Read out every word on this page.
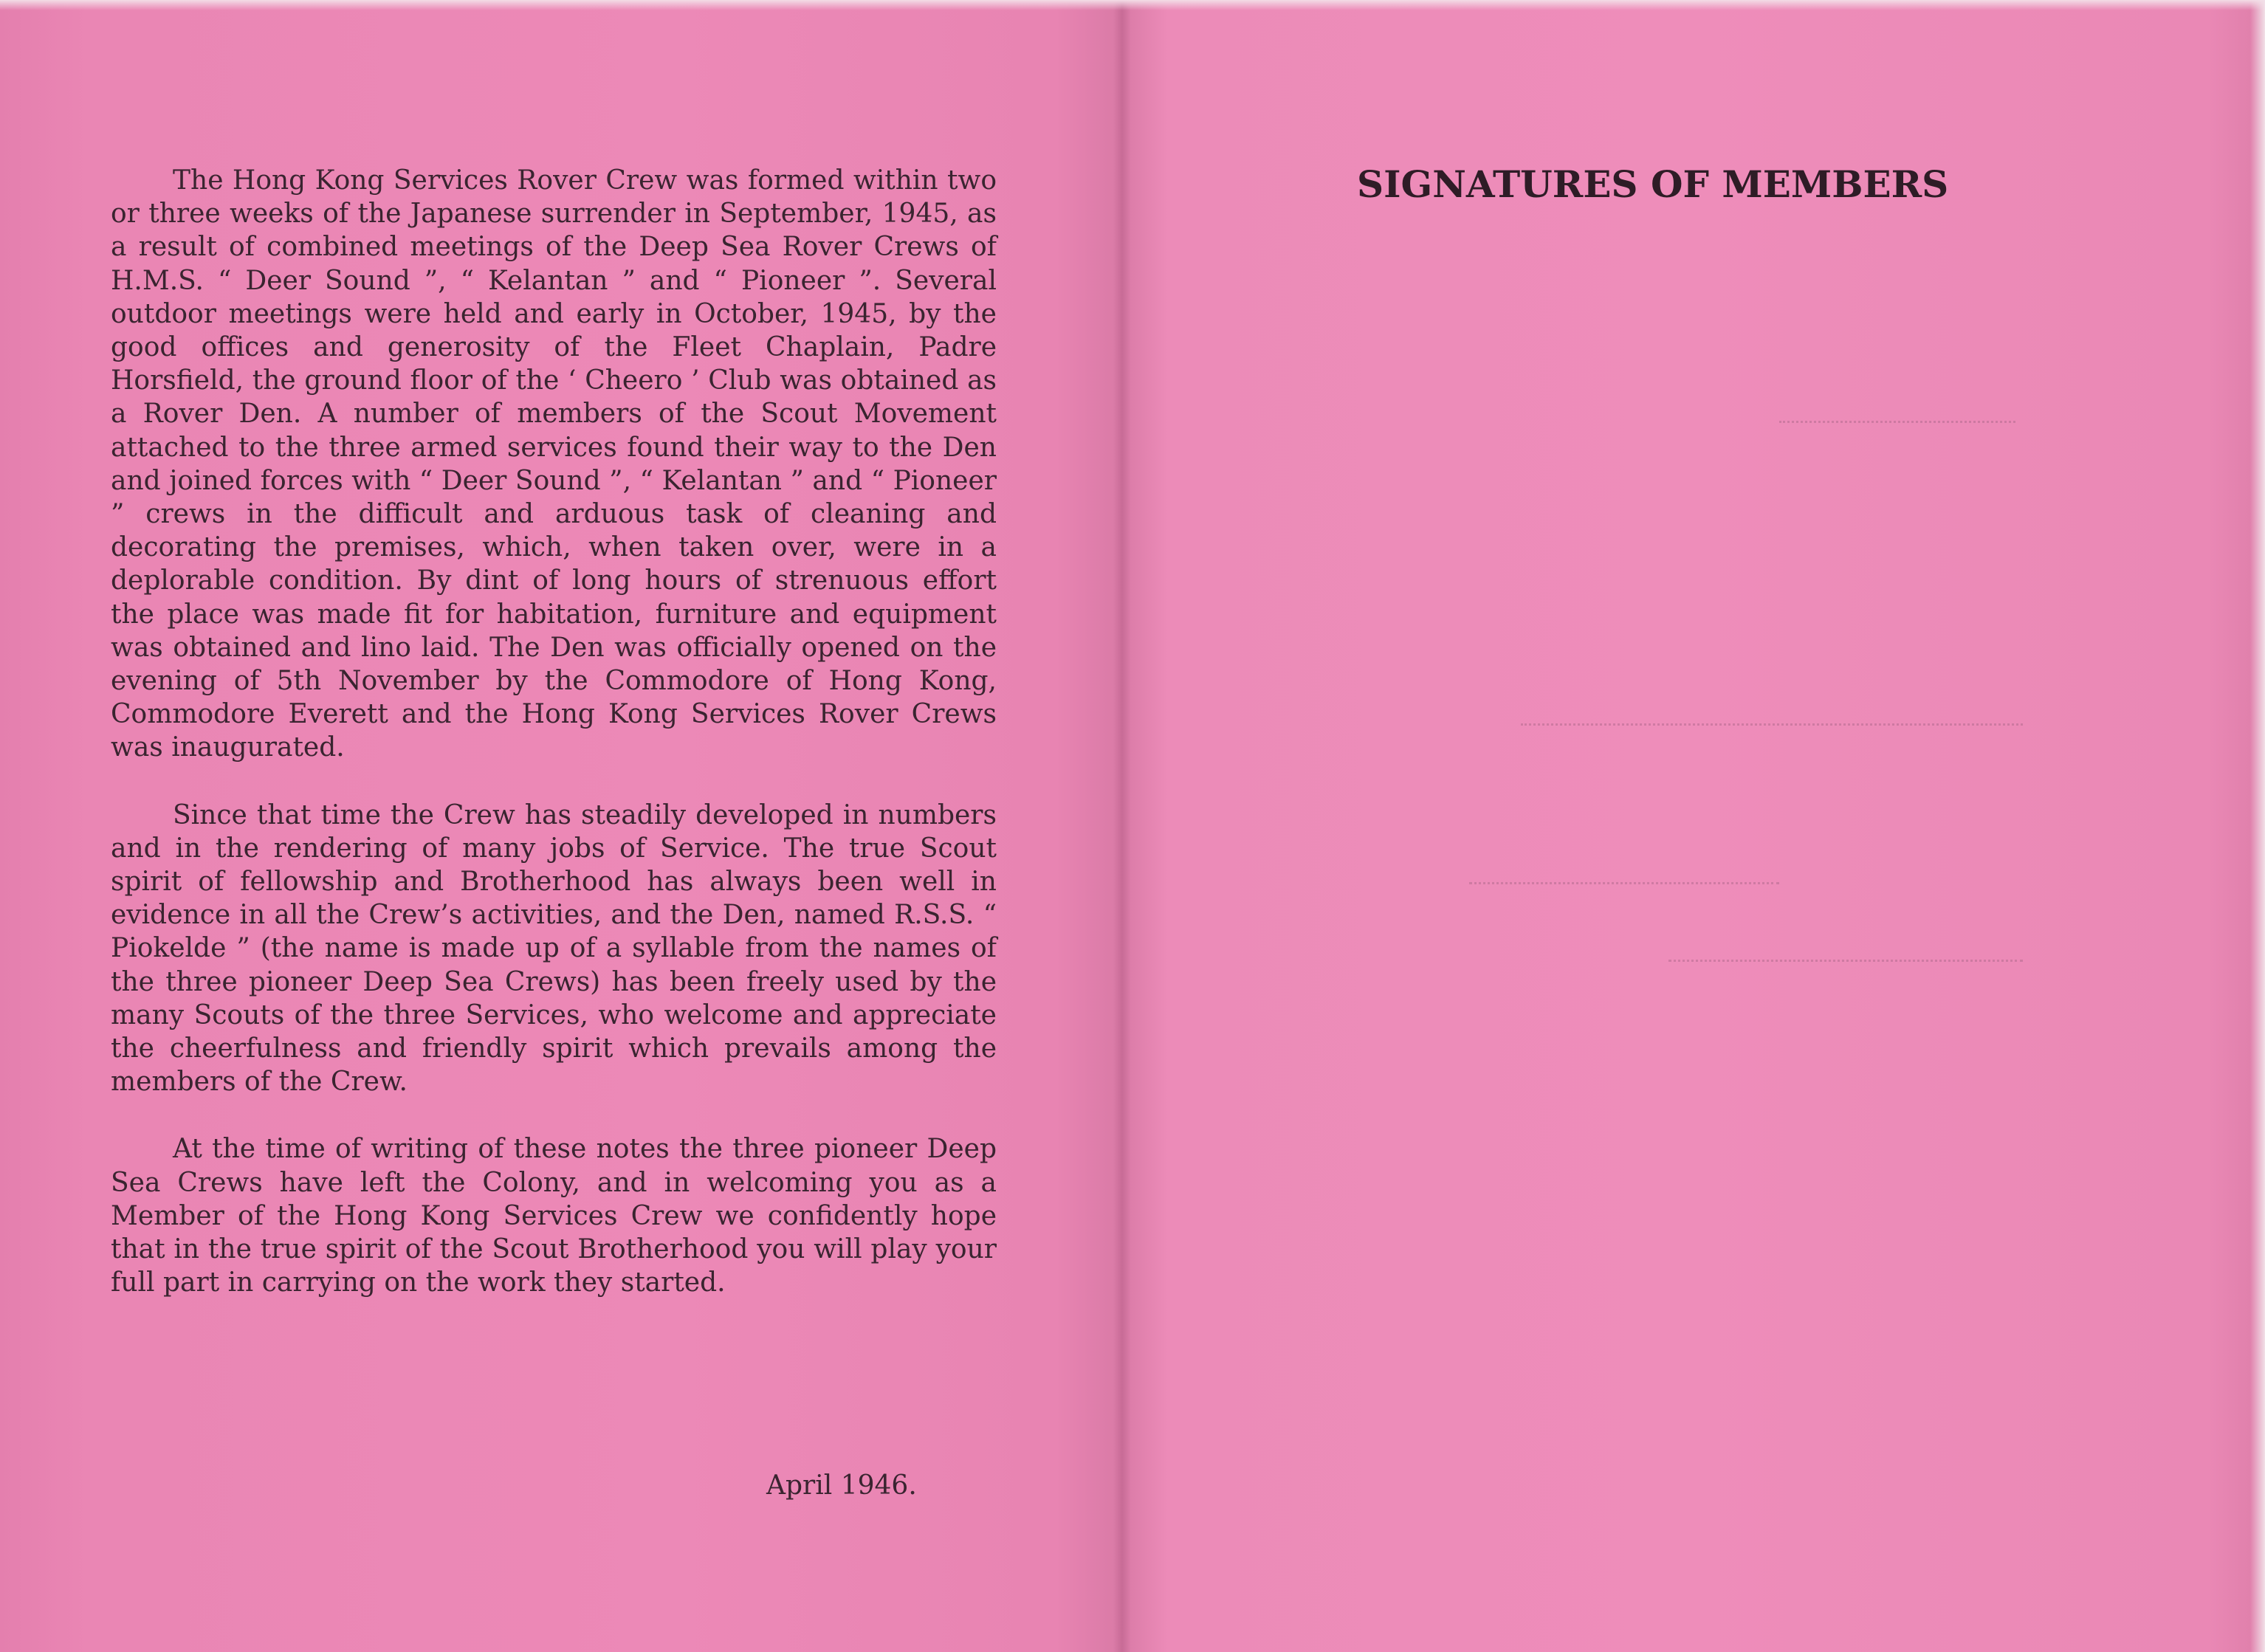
The Hong Kong Services Rover Crew was formed within two or three weeks of the Japanese surrender in September, 1945, as a result of combined meetings of the Deep Sea Rover Crews of H.M.S. “ Deer Sound ”, “ Kelantan ” and “ Pioneer ”. Several outdoor meetings were held and early in October, 1945, by the good offices and generosity of the Fleet Chaplain, Padre Horsfield, the ground floor of the ‘ Cheero ’ Club was obtained as a Rover Den. A number of members of the Scout Movement attached to the three armed services found their way to the Den and joined forces with “ Deer Sound ”, “ Kelantan ” and “ Pioneer ” crews in the difficult and arduous task of cleaning and decorating the premises, which, when taken over, were in a deplorable condition. By dint of long hours of strenuous effort the place was made fit for habitation, furniture and equipment was obtained and lino laid. The Den was officially opened on the evening of 5th November by the Commodore of Hong Kong, Commodore Everett and the Hong Kong Services Rover Crews was inaugurated.

Since that time the Crew has steadily developed in numbers and in the rendering of many jobs of Service. The true Scout spirit of fellowship and Brotherhood has always been well in evidence in all the Crew’s activities, and the Den, named R.S.S. “ Piokelde ” (the name is made up of a syllable from the names of the three pioneer Deep Sea Crews) has been freely used by the many Scouts of the three Services, who welcome and appreciate the cheerfulness and friendly spirit which prevails among the members of the Crew.

At the time of writing of these notes the three pioneer Deep Sea Crews have left the Colony, and in welcoming you as a Member of the Hong Kong Services Crew we confidently hope that in the true spirit of the Scout Brotherhood you will play your full part in carrying on the work they started.

April 1946.

SIGNATURES OF MEMBERS
